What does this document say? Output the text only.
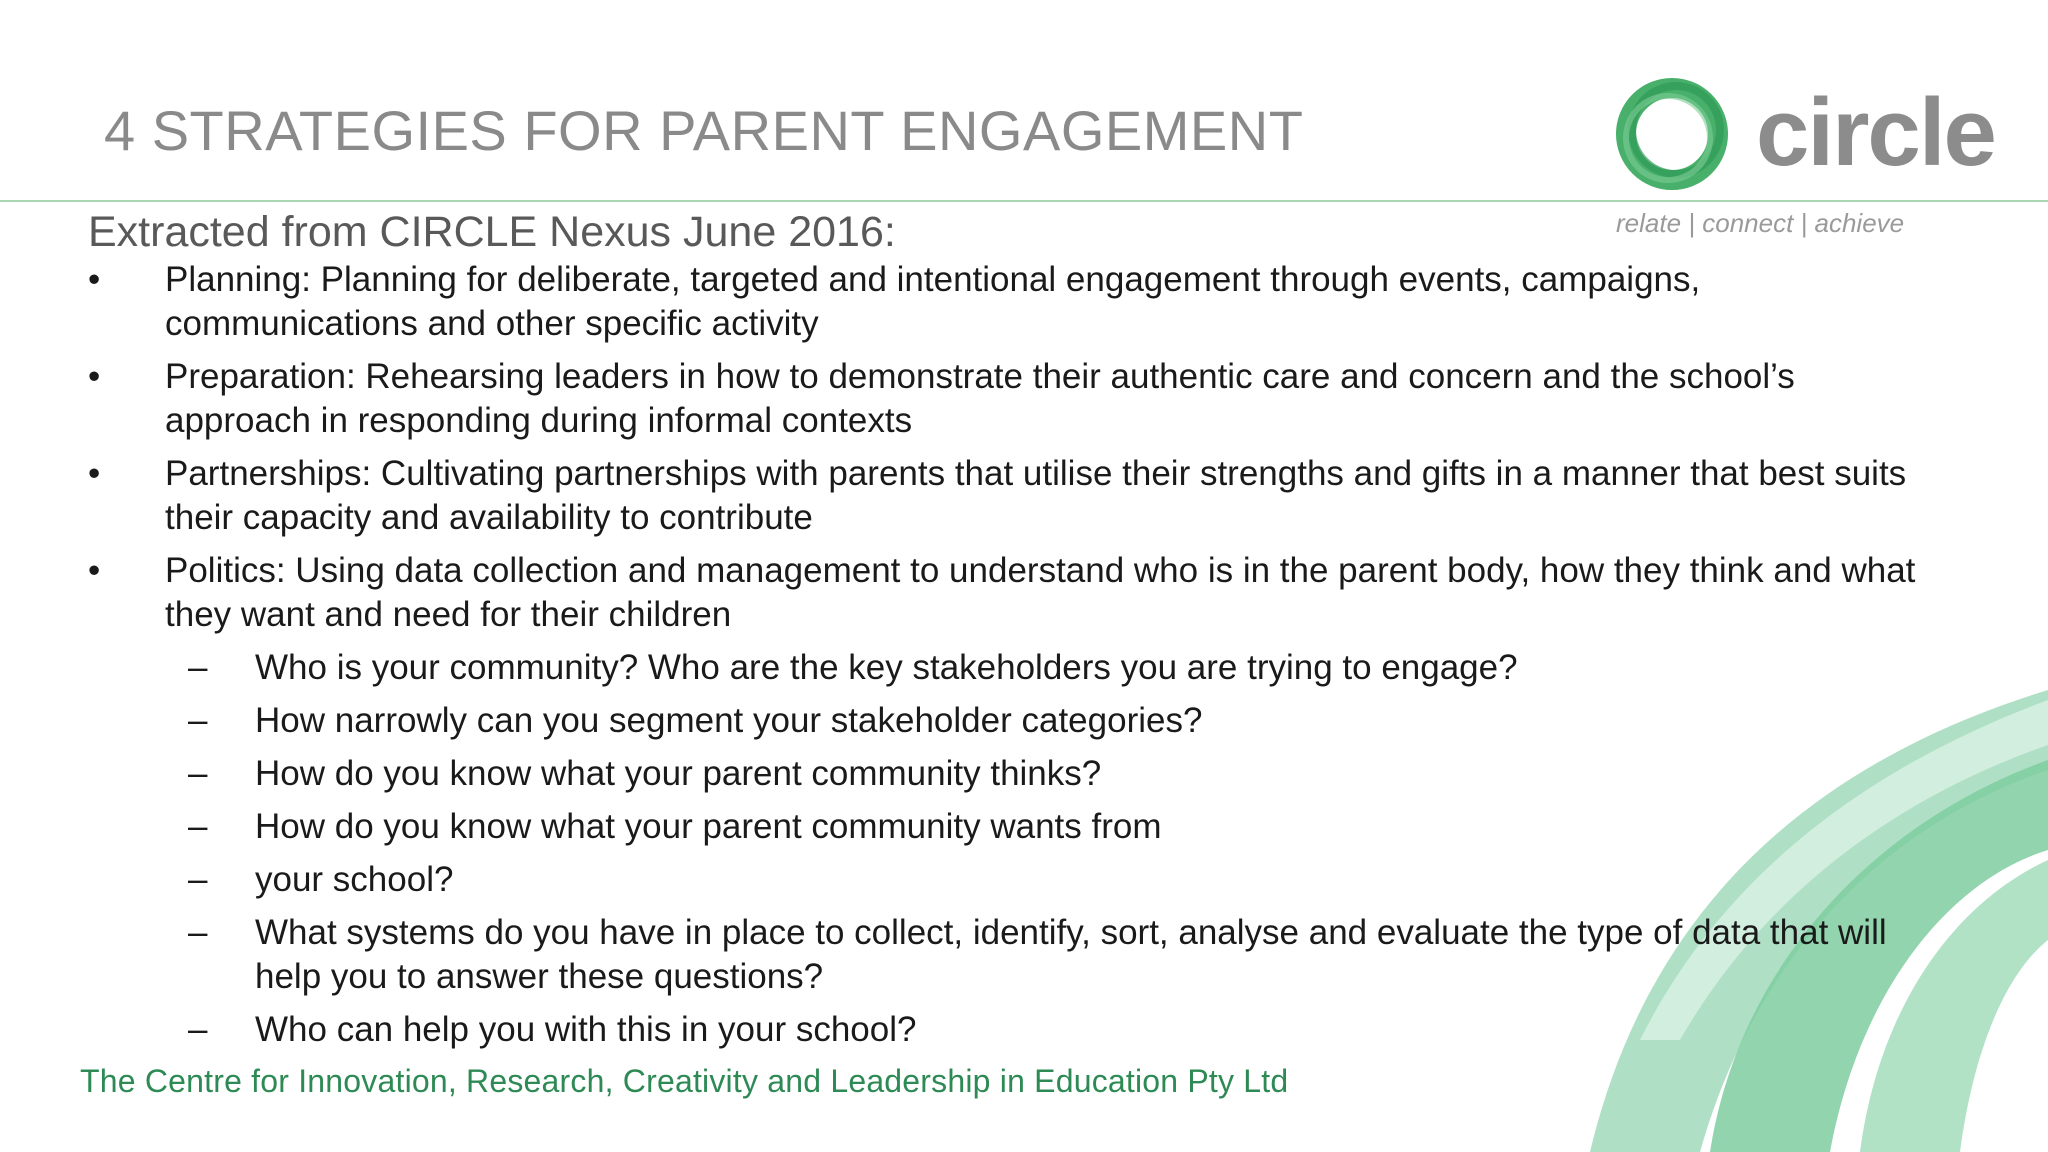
4 STRATEGIES FOR PARENT ENGAGEMENT	circle
relate | connect | achieve
Extracted from CIRCLE Nexus June 2016:
• Planning: Planning for deliberate, targeted and intentional engagement through events, campaigns, communications and other specific activity
• Preparation: Rehearsing leaders in how to demonstrate their authentic care and concern and the school’s approach in responding during informal contexts
• Partnerships: Cultivating partnerships with parents that utilise their strengths and gifts in a manner that best suits their capacity and availability to contribute
• Politics: Using data collection and management to understand who is in the parent body, how they think and what they want and need for their children
– Who is your community? Who are the key stakeholders you are trying to engage?
– How narrowly can you segment your stakeholder categories?
– How do you know what your parent community thinks?
– How do you know what your parent community wants from
– your school?
– What systems do you have in place to collect, identify, sort, analyse and evaluate the type of data that will help you to answer these questions?
– Who can help you with this in your school?
The Centre for Innovation, Research, Creativity and Leadership in Education Pty Ltd
